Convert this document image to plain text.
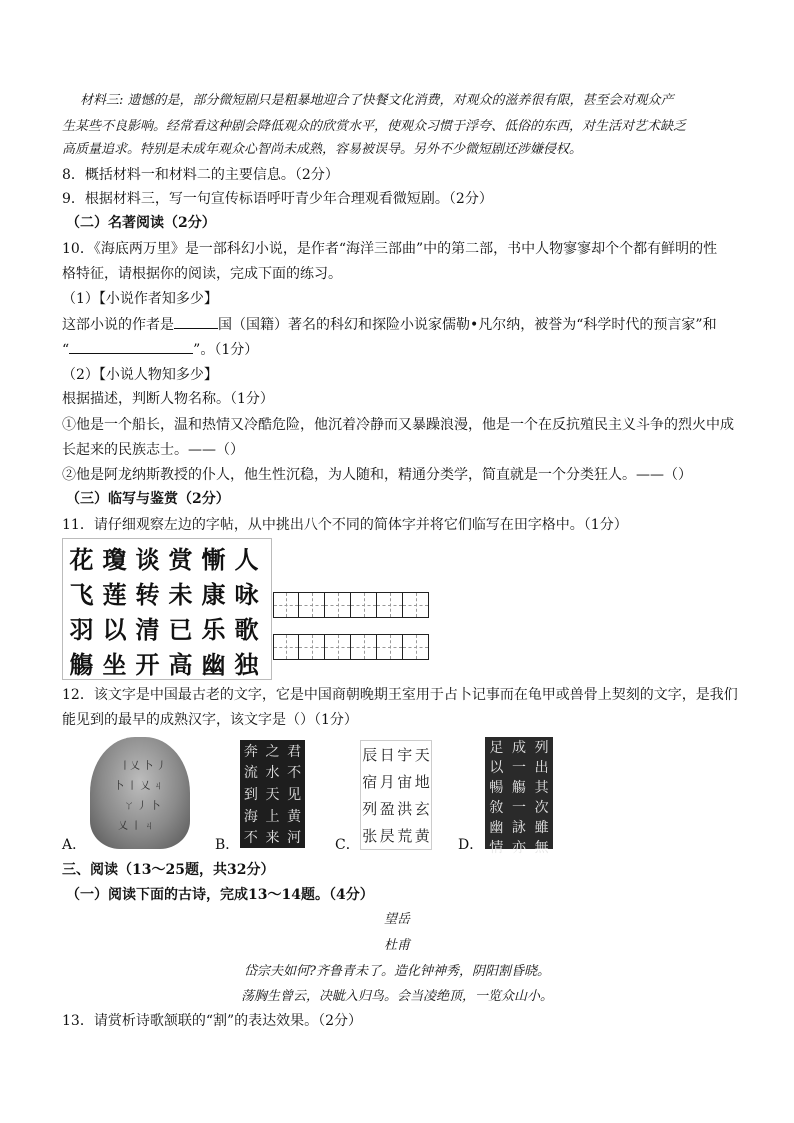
材料三: 遗憾的是，部分微短剧只是粗暴地迎合了快餐文化消费，对观众的滋养很有限，甚至会对观众产
生某些不良影响。经常看这种剧会降低观众的欣赏水平，使观众习惯于浮夸、低俗的东西，对生活对艺术缺乏
高质量追求。特别是未成年观众心智尚未成熟，容易被误导。另外不少微短剧还涉嫌侵权。
8．概括材料一和材料二的主要信息。（2分）
9．根据材料三，写一句宣传标语呼吁青少年合理观看微短剧。（2分）
（二）名著阅读（2分）
10．《海底两万里》是一部科幻小说，是作者“海洋三部曲”中的第二部，书中人物寥寥却个个都有鲜明的性
格特征，请根据你的阅读，完成下面的练习。
（1）【小说作者知多少】
这部小说的作者是	国（国籍）著名的科幻和探险小说家儒勒•凡尔纳，被誉为“科学时代的预言家”和
“	”。（1分）
（2）【小说人物知多少】
根据描述，判断人物名称。（1分）
①他是一个船长，温和热情又冷酷危险，他沉着冷静而又暴躁浪漫，他是一个在反抗殖民主义斗争的烈火中成
长起来的民族志士。——（）
②他是阿龙纳斯教授的仆人，他生性沉稳，为人随和，精通分类学，简直就是一个分类狂人。——（）
（三）临写与鉴赏（2分）
11．请仔细观察左边的字帖，从中挑出八个不同的简体字并将它们临写在田字格中。（1分）
花	瓊	谈	赏	慚	人
飞	莲	转	未	康	咏
羽	以	清	已	乐	歌
觴	坐	开	高	幽	独
12．该文字是中国最古老的文字，它是中国商朝晚期王室用于占卜记事而在龟甲或兽骨上契刻的文字，是我们
能见到的最早的成熟汉字，该文字是（）（1分）
丨乂 卜 丿
卜 丨 乂 ㄐ
ㄚ 丿 卜
乂 丨 ㄐ
君
不
见
黄
河
之
水
天
上
来
奔
流
到
海
不
天
地
玄
黄
宇
宙
洪
荒
日
月
盈
昃
辰
宿
列
张
列
出
其
次
雖
無
成
一
觴
一
詠
亦
足
以
暢
敘
幽
情
A．	B．	C．	D．
三、阅读（13～25题，共32分）
（一）阅读下面的古诗，完成13～14题。（4分）
望岳
杜甫
岱宗夫如何?齐鲁青未了。造化钟神秀，阴阳割昏晓。
荡胸生曾云，决眦入归鸟。会当凌绝顶，一览众山小。
13．请赏析诗歌颔联的“割”的表达效果。（2分）
